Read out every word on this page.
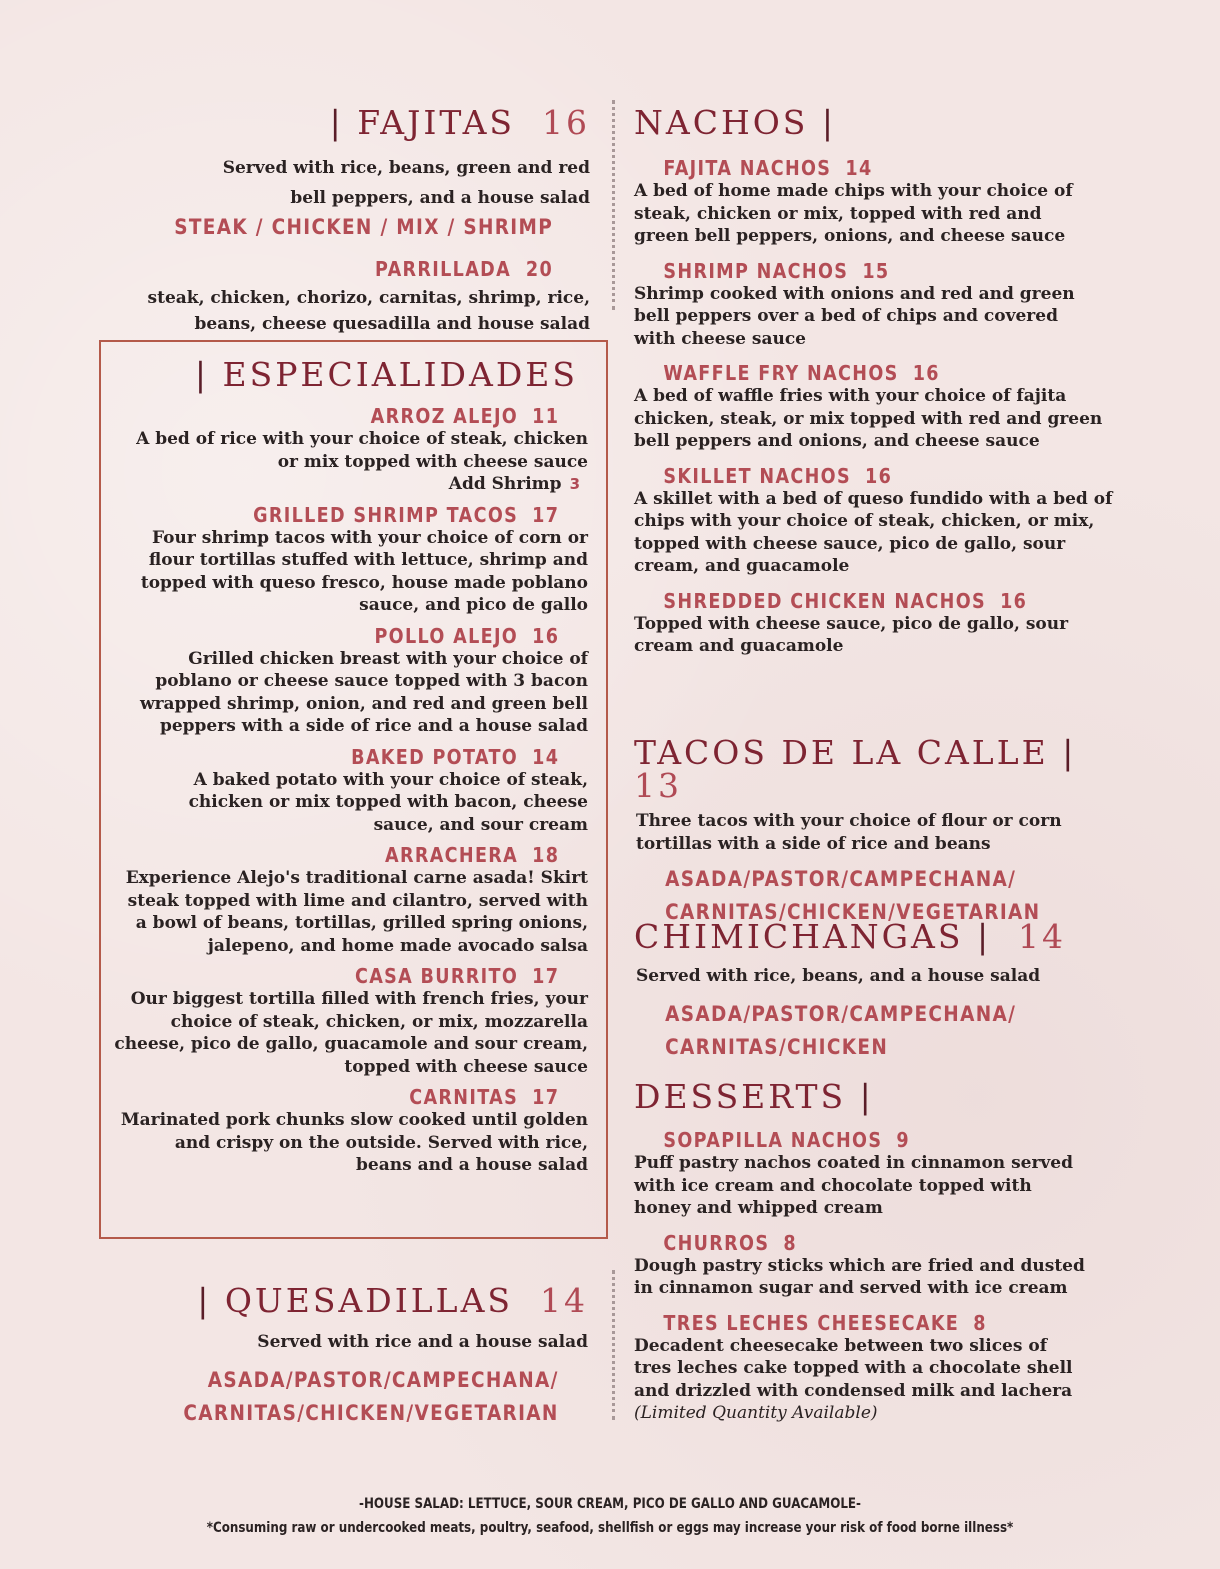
| FAJITAS 16
Served with rice, beans, green and red
bell peppers, and a house salad
STEAK / CHICKEN / MIX / SHRIMP
PARRILLADA 20
steak, chicken, chorizo, carnitas, shrimp, rice,
beans, cheese quesadilla and house salad
| ESPECIALIDADES
ARROZ ALEJO 11
A bed of rice with your choice of steak, chicken
or mix topped with cheese sauce
Add Shrimp 3
GRILLED SHRIMP TACOS 17
Four shrimp tacos with your choice of corn or
flour tortillas stuffed with lettuce, shrimp and
topped with queso fresco, house made poblano
sauce, and pico de gallo
POLLO ALEJO 16
Grilled chicken breast with your choice of
poblano or cheese sauce topped with 3 bacon
wrapped shrimp, onion, and red and green bell
peppers with a side of rice and a house salad
BAKED POTATO 14
A baked potato with your choice of steak,
chicken or mix topped with bacon, cheese
sauce, and sour cream
ARRACHERA 18
Experience Alejo's traditional carne asada! Skirt
steak topped with lime and cilantro, served with
a bowl of beans, tortillas, grilled spring onions,
jalepeno, and home made avocado salsa
CASA BURRITO 17
Our biggest tortilla filled with french fries, your
choice of steak, chicken, or mix, mozzarella
cheese, pico de gallo, guacamole and sour cream,
topped with cheese sauce
CARNITAS 17
Marinated pork chunks slow cooked until golden
and crispy on the outside. Served with rice,
beans and a house salad
| QUESADILLAS 14
Served with rice and a house salad
ASADA/PASTOR/CAMPECHANA/
CARNITAS/CHICKEN/VEGETARIAN
NACHOS |
FAJITA NACHOS 14
A bed of home made chips with your choice of
steak, chicken or mix, topped with red and
green bell peppers, onions, and cheese sauce
SHRIMP NACHOS 15
Shrimp cooked with onions and red and green
bell peppers over a bed of chips and covered
with cheese sauce
WAFFLE FRY NACHOS 16
A bed of waffle fries with your choice of fajita
chicken, steak, or mix topped with red and green
bell peppers and onions, and cheese sauce
SKILLET NACHOS 16
A skillet with a bed of queso fundido with a bed of
chips with your choice of steak, chicken, or mix,
topped with cheese sauce, pico de gallo, sour
cream, and guacamole
SHREDDED CHICKEN NACHOS 16
Topped with cheese sauce, pico de gallo, sour
cream and guacamole
TACOS DE LA CALLE | 13
Three tacos with your choice of flour or corn
tortillas with a side of rice and beans
ASADA/PASTOR/CAMPECHANA/
CARNITAS/CHICKEN/VEGETARIAN
CHIMICHANGAS | 14
Served with rice, beans, and a house salad
ASADA/PASTOR/CAMPECHANA/
CARNITAS/CHICKEN
DESSERTS |
SOPAPILLA NACHOS 9
Puff pastry nachos coated in cinnamon served
with ice cream and chocolate topped with
honey and whipped cream
CHURROS 8
Dough pastry sticks which are fried and dusted
in cinnamon sugar and served with ice cream
TRES LECHES CHEESECAKE 8
Decadent cheesecake between two slices of
tres leches cake topped with a chocolate shell
and drizzled with condensed milk and lachera
(Limited Quantity Available)
-HOUSE SALAD: LETTUCE, SOUR CREAM, PICO DE GALLO AND GUACAMOLE-
*Consuming raw or undercooked meats, poultry, seafood, shellfish or eggs may increase your risk of food borne illness*
